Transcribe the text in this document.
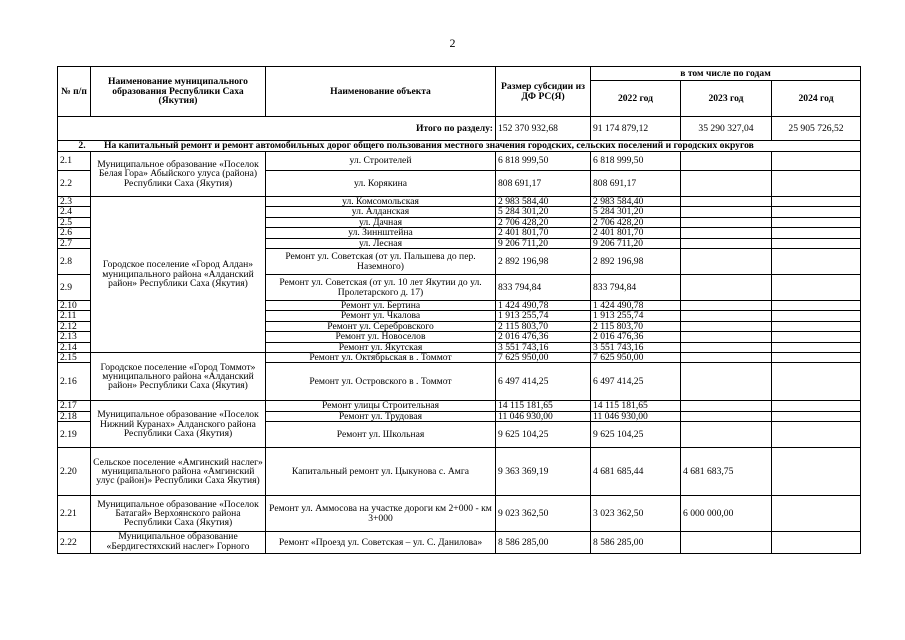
2
№ п/п	Наименование муниципального образования Республики Саха (Якутия)	Наименование объекта	Размер субсидии из ДФ РС(Я)	в том числе по годам		
				2022 год	2023 год	2024 год
Итого по разделу:			152 370 932,68	91 174 879,12	35 290 327,04	25 905 726,52
2. На капитальный ремонт и ремонт автомобильных дорог общего пользования местного значения городских, сельских поселений и городских округов						
2.1	Муниципальное образование «Поселок Белая Гора» Абыйского улуса (района) Республики Саха (Якутия)	ул. Строителей	6 818 999,50	6 818 999,50		
2.2		ул. Корякина	808 691,17	808 691,17		
2.3	Городское поселение «Город Алдан» муниципального района «Алданский район» Республики Саха (Якутия)	ул. Комсомольская	2 983 584,40	2 983 584,40		
2.4		ул. Алданская	5 284 301,20	5 284 301,20		
2.5		ул. Дачная	2 706 428,20	2 706 428,20		
2.6		ул. Зиннштейна	2 401 801,70	2 401 801,70		
2.7		ул. Лесная	9 206 711,20	9 206 711,20		
2.8		Ремонт ул. Советская (от ул. Пальшева до пер. Наземного)	2 892 196,98	2 892 196,98		
2.9		Ремонт ул. Советская (от ул. 10 лет Якутии до ул. Пролетарского д. 17)	833 794,84	833 794,84		
2.10		Ремонт ул. Бертина	1 424 490,78	1 424 490,78		
2.11		Ремонт ул. Чкалова	1 913 255,74	1 913 255,74		
2.12		Ремонт ул. Серебровского	2 115 803,70	2 115 803,70		
2.13		Ремонт ул. Новоселов	2 016 476,36	2 016 476,36		
2.14		Ремонт ул. Якутская	3 551 743,16	3 551 743,16		
2.15	Городское поселение «Город Томмот» муниципального района «Алданский район» Республики Саха (Якутия)	Ремонт ул. Октябрьская в . Томмот	7 625 950,00	7 625 950,00		
2.16		Ремонт ул. Островского в . Томмот	6 497 414,25	6 497 414,25		
2.17	Муниципальное образование «Поселок Нижний Куранах» Алданского района Республики Саха (Якутия)	Ремонт улицы Строительная	14 115 181,65	14 115 181,65		
2.18		Ремонт ул. Трудовая	11 046 930,00	11 046 930,00		
2.19		Ремонт ул. Школьная	9 625 104,25	9 625 104,25		
2.20	Сельское поселение «Амгинский наслег» муниципального района «Амгинский улус (район)» Республики Саха Якутия)	Капитальный ремонт ул. Цыкунова с. Амга	9 363 369,19	4 681 685,44	4 681 683,75	
2.21	Муниципальное образование «Поселок Батагай» Верхоянского района Республики Саха (Якутия)	Ремонт ул. Аммосова на участке дороги км 2+000 - км 3+000	9 023 362,50	3 023 362,50	6 000 000,00	
2.22	Муниципальное образование «Бердигестяхский наслег» Горного	Ремонт «Проезд ул. Советская – ул. С. Данилова»	8 586 285,00	8 586 285,00		
